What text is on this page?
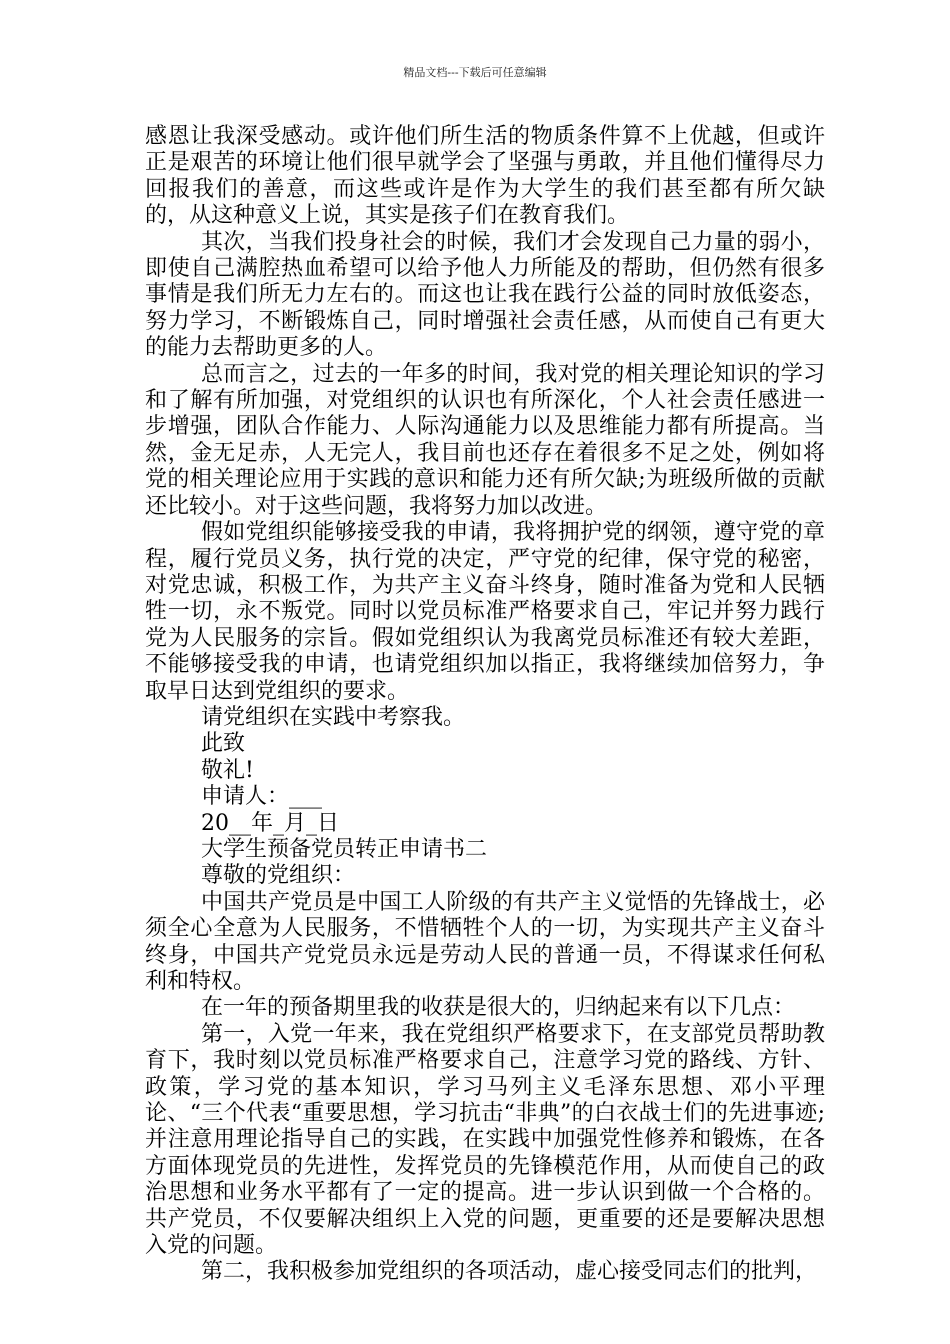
精品文档---下载后可任意编辑

感恩让我深受感动。或许他们所生活的物质条件算不上优越，但或许正是艰苦的环境让他们很早就学会了坚强与勇敢，并且他们懂得尽力回报我们的善意，而这些或许是作为大学生的我们甚至都有所欠缺的，从这种意义上说，其实是孩子们在教育我们。

其次，当我们投身社会的时候，我们才会发现自己力量的弱小，即使自己满腔热血希望可以给予他人力所能及的帮助，但仍然有很多事情是我们所无力左右的。而这也让我在践行公益的同时放低姿态，努力学习，不断锻炼自己，同时增强社会责任感，从而使自己有更大的能力去帮助更多的人。

总而言之，过去的一年多的时间，我对党的相关理论知识的学习和了解有所加强，对党组织的认识也有所深化，个人社会责任感进一步增强，团队合作能力、人际沟通能力以及思维能力都有所提高。当然，金无足赤，人无完人，我目前也还存在着很多不足之处，例如将党的相关理论应用于实践的意识和能力还有所欠缺;为班级所做的贡献还比较小。对于这些问题，我将努力加以改进。

假如党组织能够接受我的申请，我将拥护党的纲领，遵守党的章程，履行党员义务，执行党的决定，严守党的纪律，保守党的秘密，对党忠诚，积极工作，为共产主义奋斗终身，随时准备为党和人民牺牲一切，永不叛党。同时以党员标准严格要求自己，牢记并努力践行党为人民服务的宗旨。假如党组织认为我离党员标准还有较大差距，不能够接受我的申请，也请党组织加以指正，我将继续加倍努力，争取早日达到党组织的要求。

请党组织在实践中考察我。

此致

敬礼!

申请人：___

20__年_月_日

大学生预备党员转正申请书二

尊敬的党组织：

中国共产党员是中国工人阶级的有共产主义觉悟的先锋战士，必须全心全意为人民服务，不惜牺牲个人的一切，为实现共产主义奋斗终身，中国共产党党员永远是劳动人民的普通一员，不得谋求任何私利和特权。

在一年的预备期里我的收获是很大的，归纳起来有以下几点：

第一，入党一年来，我在党组织严格要求下，在支部党员帮助教育下，我时刻以党员标准严格要求自己，注意学习党的路线、方针、政策，学习党的基本知识，学习马列主义毛泽东思想、邓小平理论、“三个代表“重要思想，学习抗击“非典”的白衣战士们的先进事迹;并注意用理论指导自己的实践，在实践中加强党性修养和锻炼，在各方面体现党员的先进性，发挥党员的先锋模范作用，从而使自己的政治思想和业务水平都有了一定的提高。进一步认识到做一个合格的。共产党员，不仅要解决组织上入党的问题，更重要的还是要解决思想入党的问题。

第二，我积极参加党组织的各项活动，虚心接受同志们的批判，
